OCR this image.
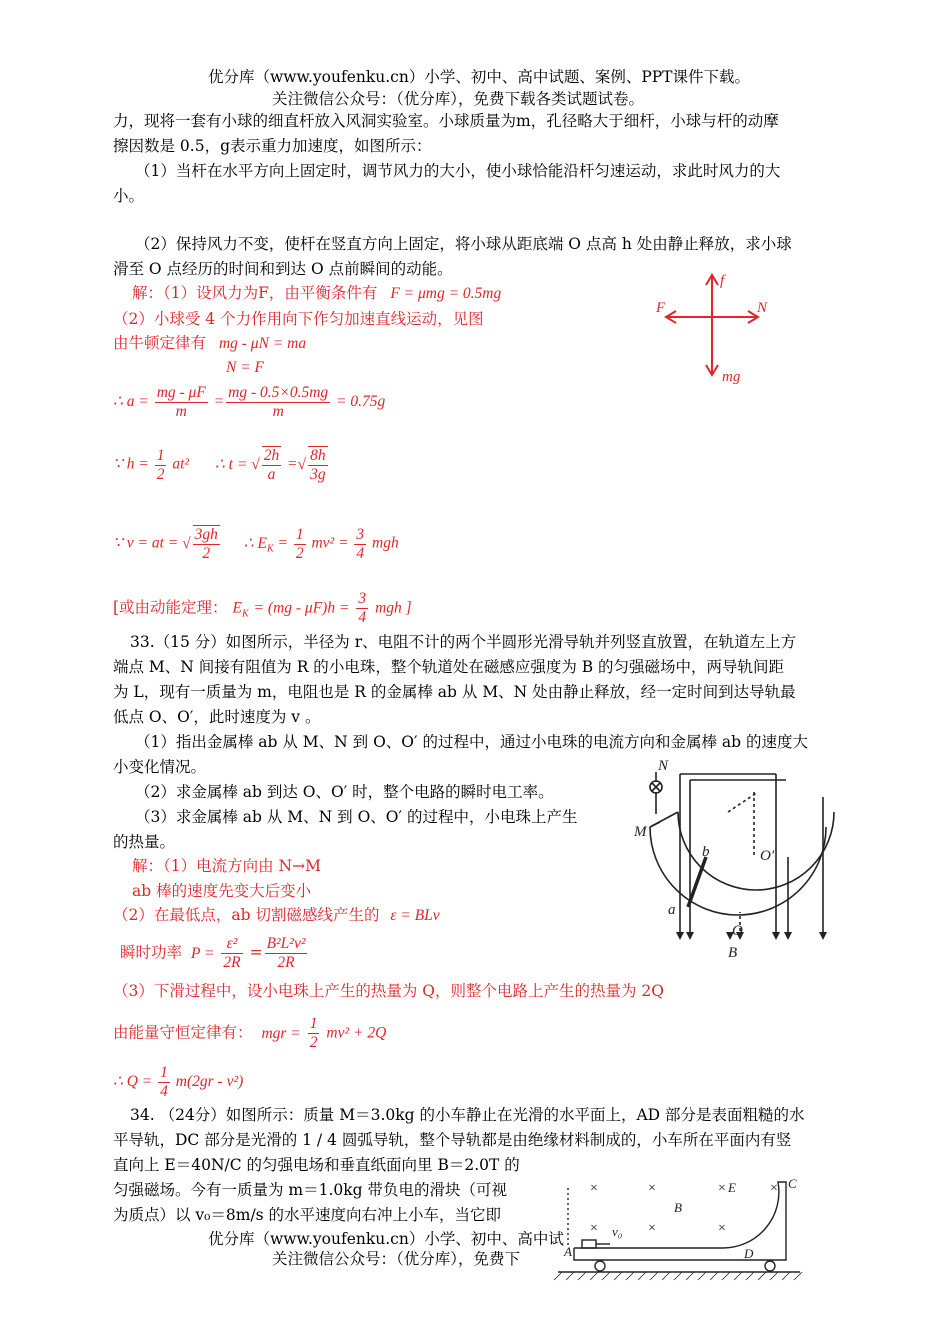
优分库（www.youfenku.cn）小学、初中、高中试题、案例、PPT课件下载。
关注微信公众号：（优分库），免费下载各类试题试卷。
力，现将一套有小球的细直杆放入风洞实验室。小球质量为m，孔径略大于细杆，小球与杆的动摩
擦因数是 0.5，g表示重力加速度，如图所示：
（1）当杆在水平方向上固定时，调节风力的大小，使小球恰能沿杆匀速运动，求此时风力的大
小。
（2）保持风力不变，使杆在竖直方向上固定，将小球从距底端 O 点高 h 处由静止释放，求小球
滑至 O 点经历的时间和到达 O 点前瞬间的动能。
解：（1）设风力为F，由平衡条件有 F = μmg = 0.5mg
（2）小球受 4 个力作用向下作匀加速直线运动，见图
由牛顿定律有 mg - μN = ma
N = F
∴ $a = \frac{mg - \mu F}{m} = \frac{mg - 0.5\times 0.5mg}{m} = 0.75g$
∵ $h = \frac{1}{2} at^2$ ∴ t = √ $\frac{2h}{a}$ =√ $\frac{8h}{3g}$
∵ v = at = √ $\frac{3gh}{2}$ ∴ $E_K = \frac{1}{2} mv^2 = \frac{3}{4}$ mgh
[或由动能定理： $E_K = (mg - \mu F)h = \frac{3}{4}$ mgh ]
f
F	N
mg
33.（15 分）如图所示，半径为 r、电阻不计的两个半圆形光滑导轨并列竖直放置，在轨道左上方
端点 M、N 间接有阻值为 R 的小电珠，整个轨道处在磁感应强度为 B 的匀强磁场中，两导轨间距
为 L，现有一质量为 m，电阻也是 R 的金属棒 ab 从 M、N 处由静止释放，经一定时间到达导轨最
低点 O、O′，此时速度为 v 。
（1）指出金属棒 ab 从 M、N 到 O、O′ 的过程中，通过小电珠的电流方向和金属棒 ab 的速度大
小变化情况。
（2）求金属棒 ab 到达 O、O′ 时，整个电路的瞬时电工率。
（3）求金属棒 ab 从 M、N 到 O、O′ 的过程中，小电珠上产生
的热量。
解：（1）电流方向由 N→M
ab 棒的速度先变大后变小
（2）在最低点，ab 切割磁感线产生的 ε = BLv
瞬时功率 $P = \frac{\text{ε²}}{2R} = \frac{\text{B²L²v²}}{2R}$
（3）下滑过程中，设小电珠上产生的热量为 Q，则整个电路上产生的热量为 2Q
由能量守恒定律有： mgr = $\frac{1}{2} mv^2 + 2Q$
∴ $Q = \frac{1}{4} m(2gr - v^2)$
N
M
b
a
O′
O
B
34. （24分）如图所示：质量 M＝3.0kg 的小车静止在光滑的水平面上，AD 部分是表面粗糙的水
平导轨，DC 部分是光滑的 1 / 4 圆弧导轨，整个导轨都是由绝缘材料制成的，小车所在平面内有竖
直向上 E＝40N/C 的匀强电场和垂直纸面向里 B＝2.0T 的
匀强磁场。今有一质量为 m＝1.0kg 带负电的滑块（可视
为质点）以 v₀＝8m/s 的水平速度向右冲上小车，当它即
×	×	×	×
×	×	×
E	C
B
v₀
A	D
优分库（www.youfenku.cn）小学、初中、高中试
关注微信公众号：（优分库），免费下
